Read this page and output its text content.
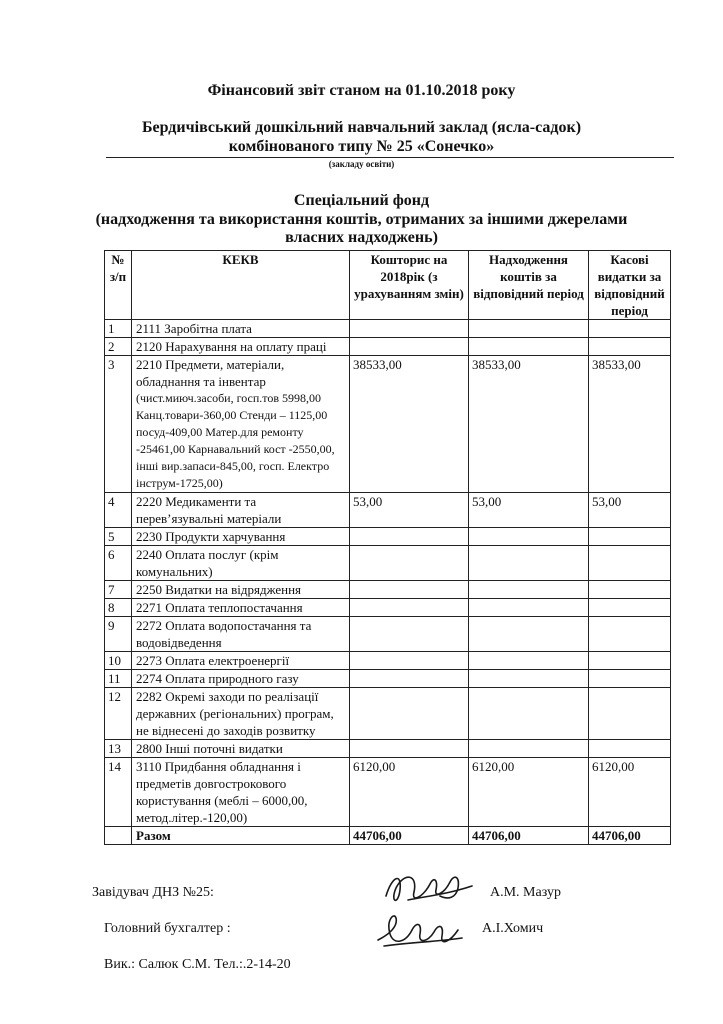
Фінансовий звіт станом на 01.10.2018 року
Бердичівський дошкільний навчальний заклад (ясла-садок)
комбінованого типу № 25 «Сонечко»
(закладу освіти)
Спеціальний фонд
(надходження та використання коштів, отриманих за іншими джерелами
власних надходжень)
№ з/п	КЕКВ	Кошторис на 2018рік (з урахуванням змін)	Надходження коштів за відповідний період	Касові видатки за відповідний період
1	2111 Заробітна плата			

2	2120 Нарахування на оплату праці			

3	2210 Предмети, матеріали, обладнання та інвентар
(чист.миюч.засоби, госп.тов 5998,00 Канц.товари-360,00 Стенди – 1125,00 посуд-409,00 Матер.для ремонту -25461,00 Карнавальний кост -2550,00, інші вир.запаси-845,00, госп. Електро інструм-1725,00)	38533,00	38533,00	38533,00
4	2220 Медикаменти та перев’язувальні матеріали	53,00	53,00	53,00
5	2230 Продукти харчування			

6	2240 Оплата послуг (крім комунальних)			

7	2250 Видатки на відрядження			

8	2271 Оплата теплопостачання			

9	2272 Оплата водопостачання та водовідведення			

10	2273 Оплата електроенергії			

11	2274 Оплата природного газу			

12	2282 Окремі заходи по реалізації державних (регіональних) програм, не віднесені до заходів розвитку			

13	2800 Інші поточні видатки			

14	3110 Придбання обладнання і предметів довгострокового користування (меблі – 6000,00, метод.літер.-120,00)	6120,00	6120,00	6120,00
	Разом	44706,00	44706,00	44706,00
Завідувач ДНЗ №25:	А.М. Мазур
Головний бухгалтер :	А.І.Хомич
Вик.: Салюк С.М. Тел.:.2-14-20
